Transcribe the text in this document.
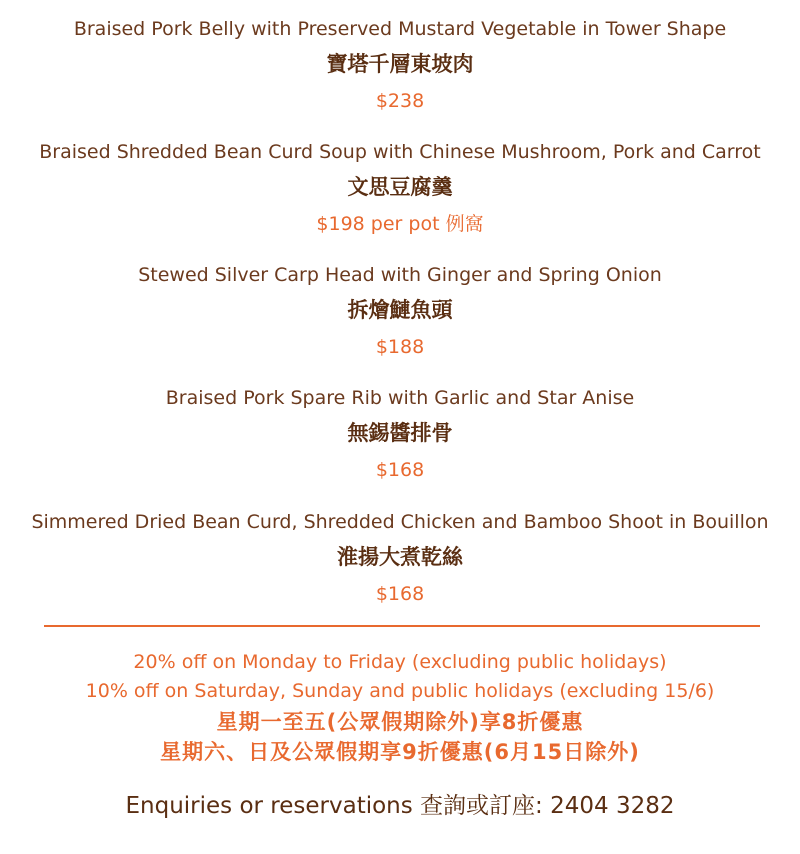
Braised Pork Belly with Preserved Mustard Vegetable in Tower Shape
寶塔千層東坡肉
$238
Braised Shredded Bean Curd Soup with Chinese Mushroom, Pork and Carrot
文思豆腐羹
$198 per pot 例窩
Stewed Silver Carp Head with Ginger and Spring Onion
拆燴鰱魚頭
$188
Braised Pork Spare Rib with Garlic and Star Anise
無錫醬排骨
$168
Simmered Dried Bean Curd, Shredded Chicken and Bamboo Shoot in Bouillon
淮揚大煮乾絲
$168
20% off on Monday to Friday (excluding public holidays)
10% off on Saturday, Sunday and public holidays (excluding 15/6)
星期一至五(公眾假期除外)享8折優惠
星期六、日及公眾假期享9折優惠(6月15日除外)
Enquiries or reservations 查詢或訂座: 2404 3282
